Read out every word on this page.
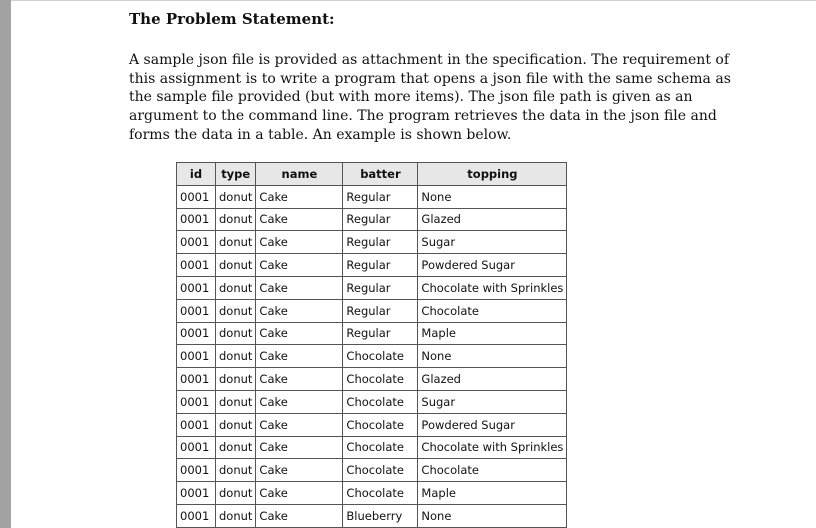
The Problem Statement:
A sample json file is provided as attachment in the specification. The requirement of
this assignment is to write a program that opens a json file with the same schema as
the sample file provided (but with more items). The json file path is given as an
argument to the command line. The program retrieves the data in the json file and
forms the data in a table. An example is shown below.
id	type	name	batter	topping
0001	donut	Cake	Regular	None
0001	donut	Cake	Regular	Glazed
0001	donut	Cake	Regular	Sugar
0001	donut	Cake	Regular	Powdered Sugar
0001	donut	Cake	Regular	Chocolate with Sprinkles
0001	donut	Cake	Regular	Chocolate
0001	donut	Cake	Regular	Maple
0001	donut	Cake	Chocolate	None
0001	donut	Cake	Chocolate	Glazed
0001	donut	Cake	Chocolate	Sugar
0001	donut	Cake	Chocolate	Powdered Sugar
0001	donut	Cake	Chocolate	Chocolate with Sprinkles
0001	donut	Cake	Chocolate	Chocolate
0001	donut	Cake	Chocolate	Maple
0001	donut	Cake	Blueberry	None
